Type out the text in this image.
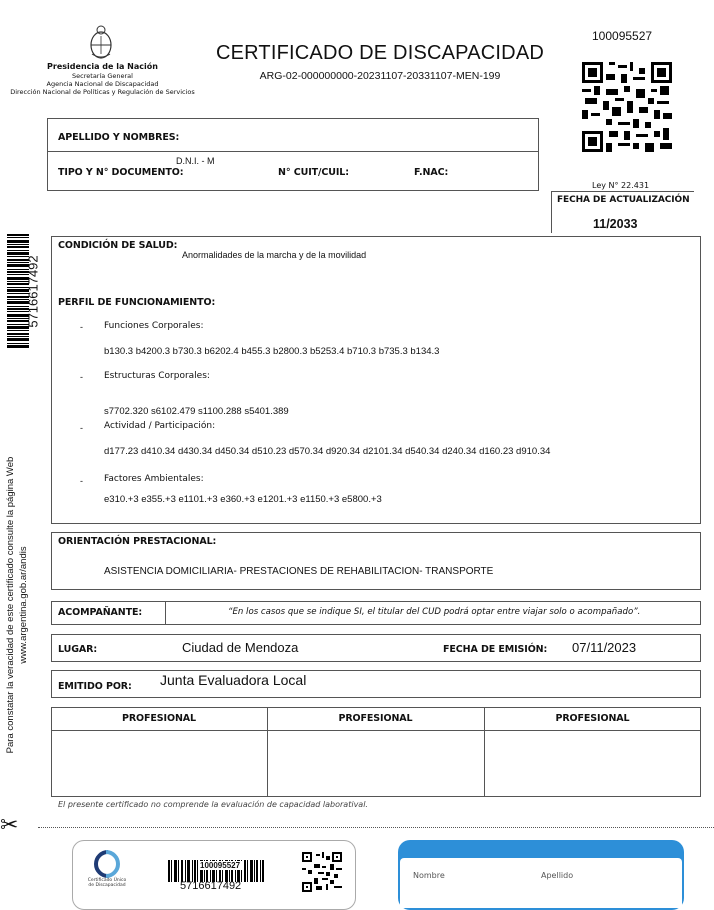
Presidencia de la Nación
Secretaría General
Agencia Nacional de Discapacidad
Dirección Nacional de Políticas y Regulación de Servicios
CERTIFICADO DE DISCAPACIDAD
ARG-02-000000000-20231107-20331107-MEN-199
100095527
APELLIDO Y NOMBRES:
D.N.I. - M
TIPO Y N° DOCUMENTO:	N° CUIT/CUIL:	F.NAC:
Ley N° 22.431
FECHA DE ACTUALIZACIÓN
11/2033
5716617492
Para constatar la veracidad de este certificado consulte la página Web www.argentina.gob.ar/andis
CONDICIÓN DE SALUD:
Anormalidades de la marcha y de la movilidad
PERFIL DE FUNCIONAMIENTO:
- Funciones Corporales:
b130.3 b4200.3 b730.3 b6202.4 b455.3 b2800.3 b5253.4 b710.3 b735.3 b134.3
- Estructuras Corporales:
s7702.320 s6102.479 s1100.288 s5401.389
- Actividad / Participación:
d177.23 d410.34 d430.34 d450.34 d510.23 d570.34 d920.34 d2101.34 d540.34 d240.34 d160.23 d910.34
- Factores Ambientales:
e310.+3 e355.+3 e1101.+3 e360.+3 e1201.+3 e1150.+3 e5800.+3
ORIENTACIÓN PRESTACIONAL:
ASISTENCIA DOMICILIARIA- PRESTACIONES DE REHABILITACION- TRANSPORTE
ACOMPAÑANTE:	“En los casos que se indique SI, el titular del CUD podrá optar entre viajar solo o acompañado”.
LUGAR:	Ciudad de Mendoza	FECHA DE EMISIÓN: 07/11/2023
EMITIDO POR: Junta Evaluadora Local
PROFESIONAL	PROFESIONAL	PROFESIONAL
El presente certificado no comprende la evaluación de capacidad laboratival.
✂
Certificado Único
de Discapacidad
100095527
5716617492
Nombre	Apellido
